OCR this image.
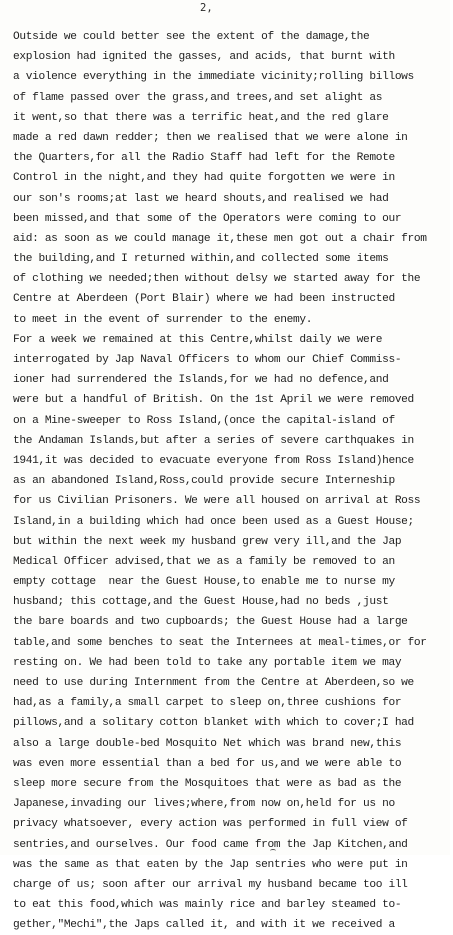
2,
Outside we could better see the extent of the damage,the
explosion had ignited the gasses, and acids, that burnt with
a violence everything in the immediate vicinity;rolling billows
of flame passed over the grass,and trees,and set alight as
it went,so that there was a terrific heat,and the red glare
made a red dawn redder; then we realised that we were alone in
the Quarters,for all the Radio Staff had left for the Remote
Control in the night,and they had quite forgotten we were in
our son's rooms;at last we heard shouts,and realised we had
been missed,and that some of the Operators were coming to our
aid: as soon as we could manage it,these men got out a chair from
the building,and I returned within,and collected some items
of clothing we needed;then without delsy we started away for the
Centre at Aberdeen (Port Blair) where we had been instructed
to meet in the event of surrender to the enemy.
For a week we remained at this Centre,whilst daily we were
interrogated by Jap Naval Officers to whom our Chief Commiss-
ioner had surrendered the Islands,for we had no defence,and
were but a handful of British. On the 1st April we were removed
on a Mine-sweeper to Ross Island,(once the capital-island of
the Andaman Islands,but after a series of severe carthquakes in
1941,it was decided to evacuate everyone from Ross Island)hence
as an abandoned Island,Ross,could provide secure Interneship
for us Civilian Prisoners. We were all housed on arrival at Ross
Island,in a building which had once been used as a Guest House;
but within the next week my husband grew very ill,and the Jap
Medical Officer advised,that we as a family be removed to an
empty cottage  near the Guest House,to enable me to nurse my
husband; this cottage,and the Guest House,had no beds ,just
the bare boards and two cupboards; the Guest House had a large
table,and some benches to seat the Internees at meal-times,or for
resting on. We had been told to take any portable item we may
need to use during Internment from the Centre at Aberdeen,so we
had,as a family,a small carpet to sleep on,three cushions for
pillows,and a solitary cotton blanket with which to cover;I had
also a large double-bed Mosquito Net which was brand new,this
was even more essential than a bed for us,and we were able to
sleep more secure from the Mosquitoes that were as bad as the
Japanese,invading our lives;where,from now on,held for us no
privacy whatsoever, every action was performed in full view of
sentries,and ourselves. Our food came from the Jap Kitchen,and
was the same as that eaten by the Jap sentries who were put in
charge of us; soon after our arrival my husband became too ill
to eat this food,which was mainly rice and barley steamed to-
gether,"Mechi",the Japs called it, and with it we received a
